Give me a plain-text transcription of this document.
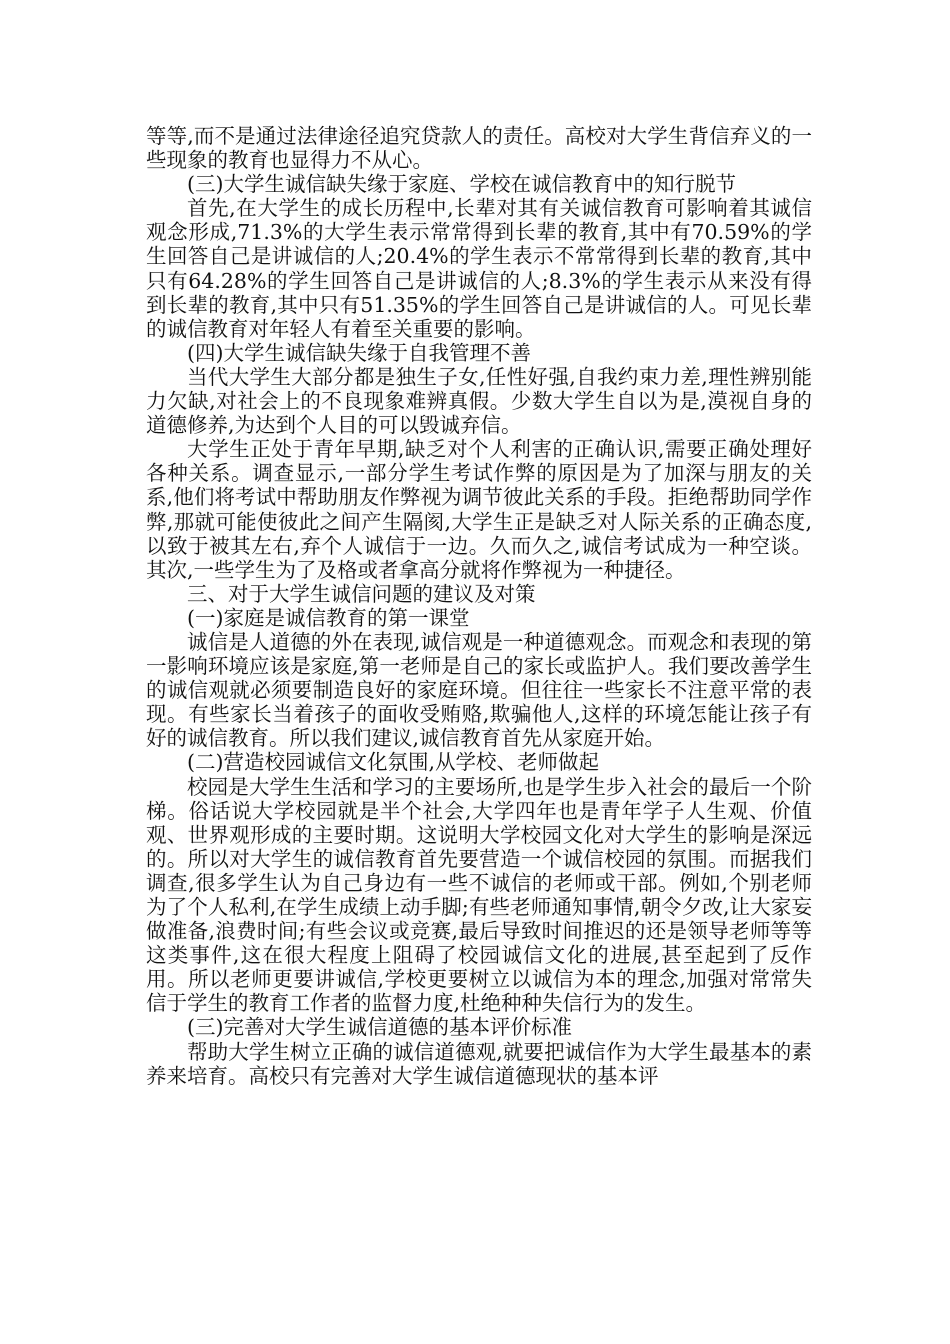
等等,而不是通过法律途径追究贷款人的责任。高校对大学生背信弃义的一些现象的教育也显得力不从心。

(三)大学生诚信缺失缘于家庭、学校在诚信教育中的知行脱节

首先,在大学生的成长历程中,长辈对其有关诚信教育可影响着其诚信观念形成,71.3%的大学生表示常常得到长辈的教育,其中有70.59%的学生回答自己是讲诚信的人;20.4%的学生表示不常常得到长辈的教育,其中只有64.28%的学生回答自己是讲诚信的人;8.3%的学生表示从来没有得到长辈的教育,其中只有51.35%的学生回答自己是讲诚信的人。可见长辈的诚信教育对年轻人有着至关重要的影响。

(四)大学生诚信缺失缘于自我管理不善

当代大学生大部分都是独生子女,任性好强,自我约束力差,理性辨别能力欠缺,对社会上的不良现象难辨真假。少数大学生自以为是,漠视自身的道德修养,为达到个人目的可以毁诚弃信。

大学生正处于青年早期,缺乏对个人利害的正确认识,需要正确处理好各种关系。调查显示,一部分学生考试作弊的原因是为了加深与朋友的关系,他们将考试中帮助朋友作弊视为调节彼此关系的手段。拒绝帮助同学作弊,那就可能使彼此之间产生隔阂,大学生正是缺乏对人际关系的正确态度,以致于被其左右,弃个人诚信于一边。久而久之,诚信考试成为一种空谈。其次,一些学生为了及格或者拿高分就将作弊视为一种捷径。

三、对于大学生诚信问题的建议及对策

(一)家庭是诚信教育的第一课堂

诚信是人道德的外在表现,诚信观是一种道德观念。而观念和表现的第一影响环境应该是家庭,第一老师是自己的家长或监护人。我们要改善学生的诚信观就必须要制造良好的家庭环境。但往往一些家长不注意平常的表现。有些家长当着孩子的面收受贿赂,欺骗他人,这样的环境怎能让孩子有好的诚信教育。所以我们建议,诚信教育首先从家庭开始。

(二)营造校园诚信文化氛围,从学校、老师做起

校园是大学生生活和学习的主要场所,也是学生步入社会的最后一个阶梯。俗话说大学校园就是半个社会,大学四年也是青年学子人生观、价值观、世界观形成的主要时期。这说明大学校园文化对大学生的影响是深远的。所以对大学生的诚信教育首先要营造一个诚信校园的氛围。而据我们调查,很多学生认为自己身边有一些不诚信的老师或干部。例如,个别老师为了个人私利,在学生成绩上动手脚;有些老师通知事情,朝令夕改,让大家妄做准备,浪费时间;有些会议或竞赛,最后导致时间推迟的还是领导老师等等这类事件,这在很大程度上阻碍了校园诚信文化的进展,甚至起到了反作用。所以老师更要讲诚信,学校更要树立以诚信为本的理念,加强对常常失信于学生的教育工作者的监督力度,杜绝种种失信行为的发生。

(三)完善对大学生诚信道德的基本评价标准

帮助大学生树立正确的诚信道德观,就要把诚信作为大学生最基本的素养来培育。高校只有完善对大学生诚信道德现状的基本评
